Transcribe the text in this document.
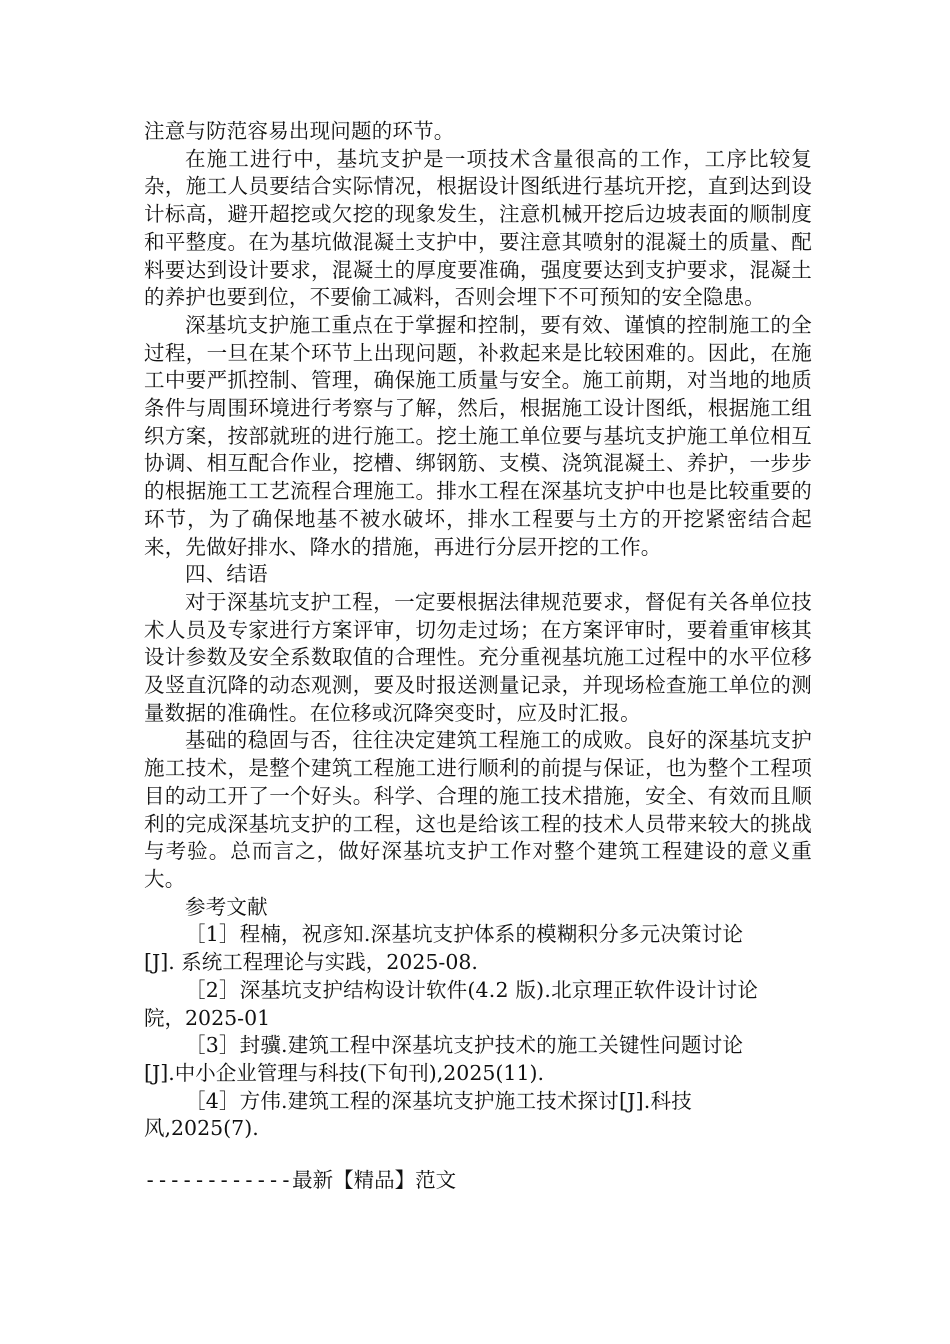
注意与防范容易出现问题的环节。

在施工进行中，基坑支护是一项技术含量很高的工作，工序比较复杂，施工人员要结合实际情况，根据设计图纸进行基坑开挖，直到达到设计标高，避开超挖或欠挖的现象发生，注意机械开挖后边坡表面的顺制度和平整度。在为基坑做混凝土支护中，要注意其喷射的混凝土的质量、配料要达到设计要求，混凝土的厚度要准确，强度要达到支护要求，混凝土的养护也要到位，不要偷工减料，否则会埋下不可预知的安全隐患。

深基坑支护施工重点在于掌握和控制，要有效、谨慎的控制施工的全过程，一旦在某个环节上出现问题，补救起来是比较困难的。因此，在施工中要严抓控制、管理，确保施工质量与安全。施工前期，对当地的地质条件与周围环境进行考察与了解，然后，根据施工设计图纸，根据施工组织方案，按部就班的进行施工。挖土施工单位要与基坑支护施工单位相互协调、相互配合作业，挖槽、绑钢筋、支模、浇筑混凝土、养护，一步步的根据施工工艺流程合理施工。排水工程在深基坑支护中也是比较重要的环节，为了确保地基不被水破坏，排水工程要与土方的开挖紧密结合起来，先做好排水、降水的措施，再进行分层开挖的工作。

四、结语

对于深基坑支护工程，一定要根据法律规范要求，督促有关各单位技术人员及专家进行方案评审，切勿走过场；在方案评审时，要着重审核其设计参数及安全系数取值的合理性。充分重视基坑施工过程中的水平位移及竖直沉降的动态观测，要及时报送测量记录，并现场检查施工单位的测量数据的准确性。在位移或沉降突变时，应及时汇报。

基础的稳固与否，往往决定建筑工程施工的成败。良好的深基坑支护施工技术，是整个建筑工程施工进行顺利的前提与保证，也为整个工程项目的动工开了一个好头。科学、合理的施工技术措施，安全、有效而且顺利的完成深基坑支护的工程，这也是给该工程的技术人员带来较大的挑战与考验。总而言之，做好深基坑支护工作对整个建筑工程建设的意义重大。

参考文献

［1］程楠，祝彦知.深基坑支护体系的模糊积分多元决策讨论

[J]. 系统工程理论与实践，2025-08.

［2］深基坑支护结构设计软件(4.2 版).北京理正软件设计讨论

院，2025-01

［3］封骥.建筑工程中深基坑支护技术的施工关键性问题讨论

[J].中小企业管理与科技(下旬刊),2025(11).

［4］方伟.建筑工程的深基坑支护施工技术探讨[J].科技

风,2025(7).

------------最新【精品】范文
